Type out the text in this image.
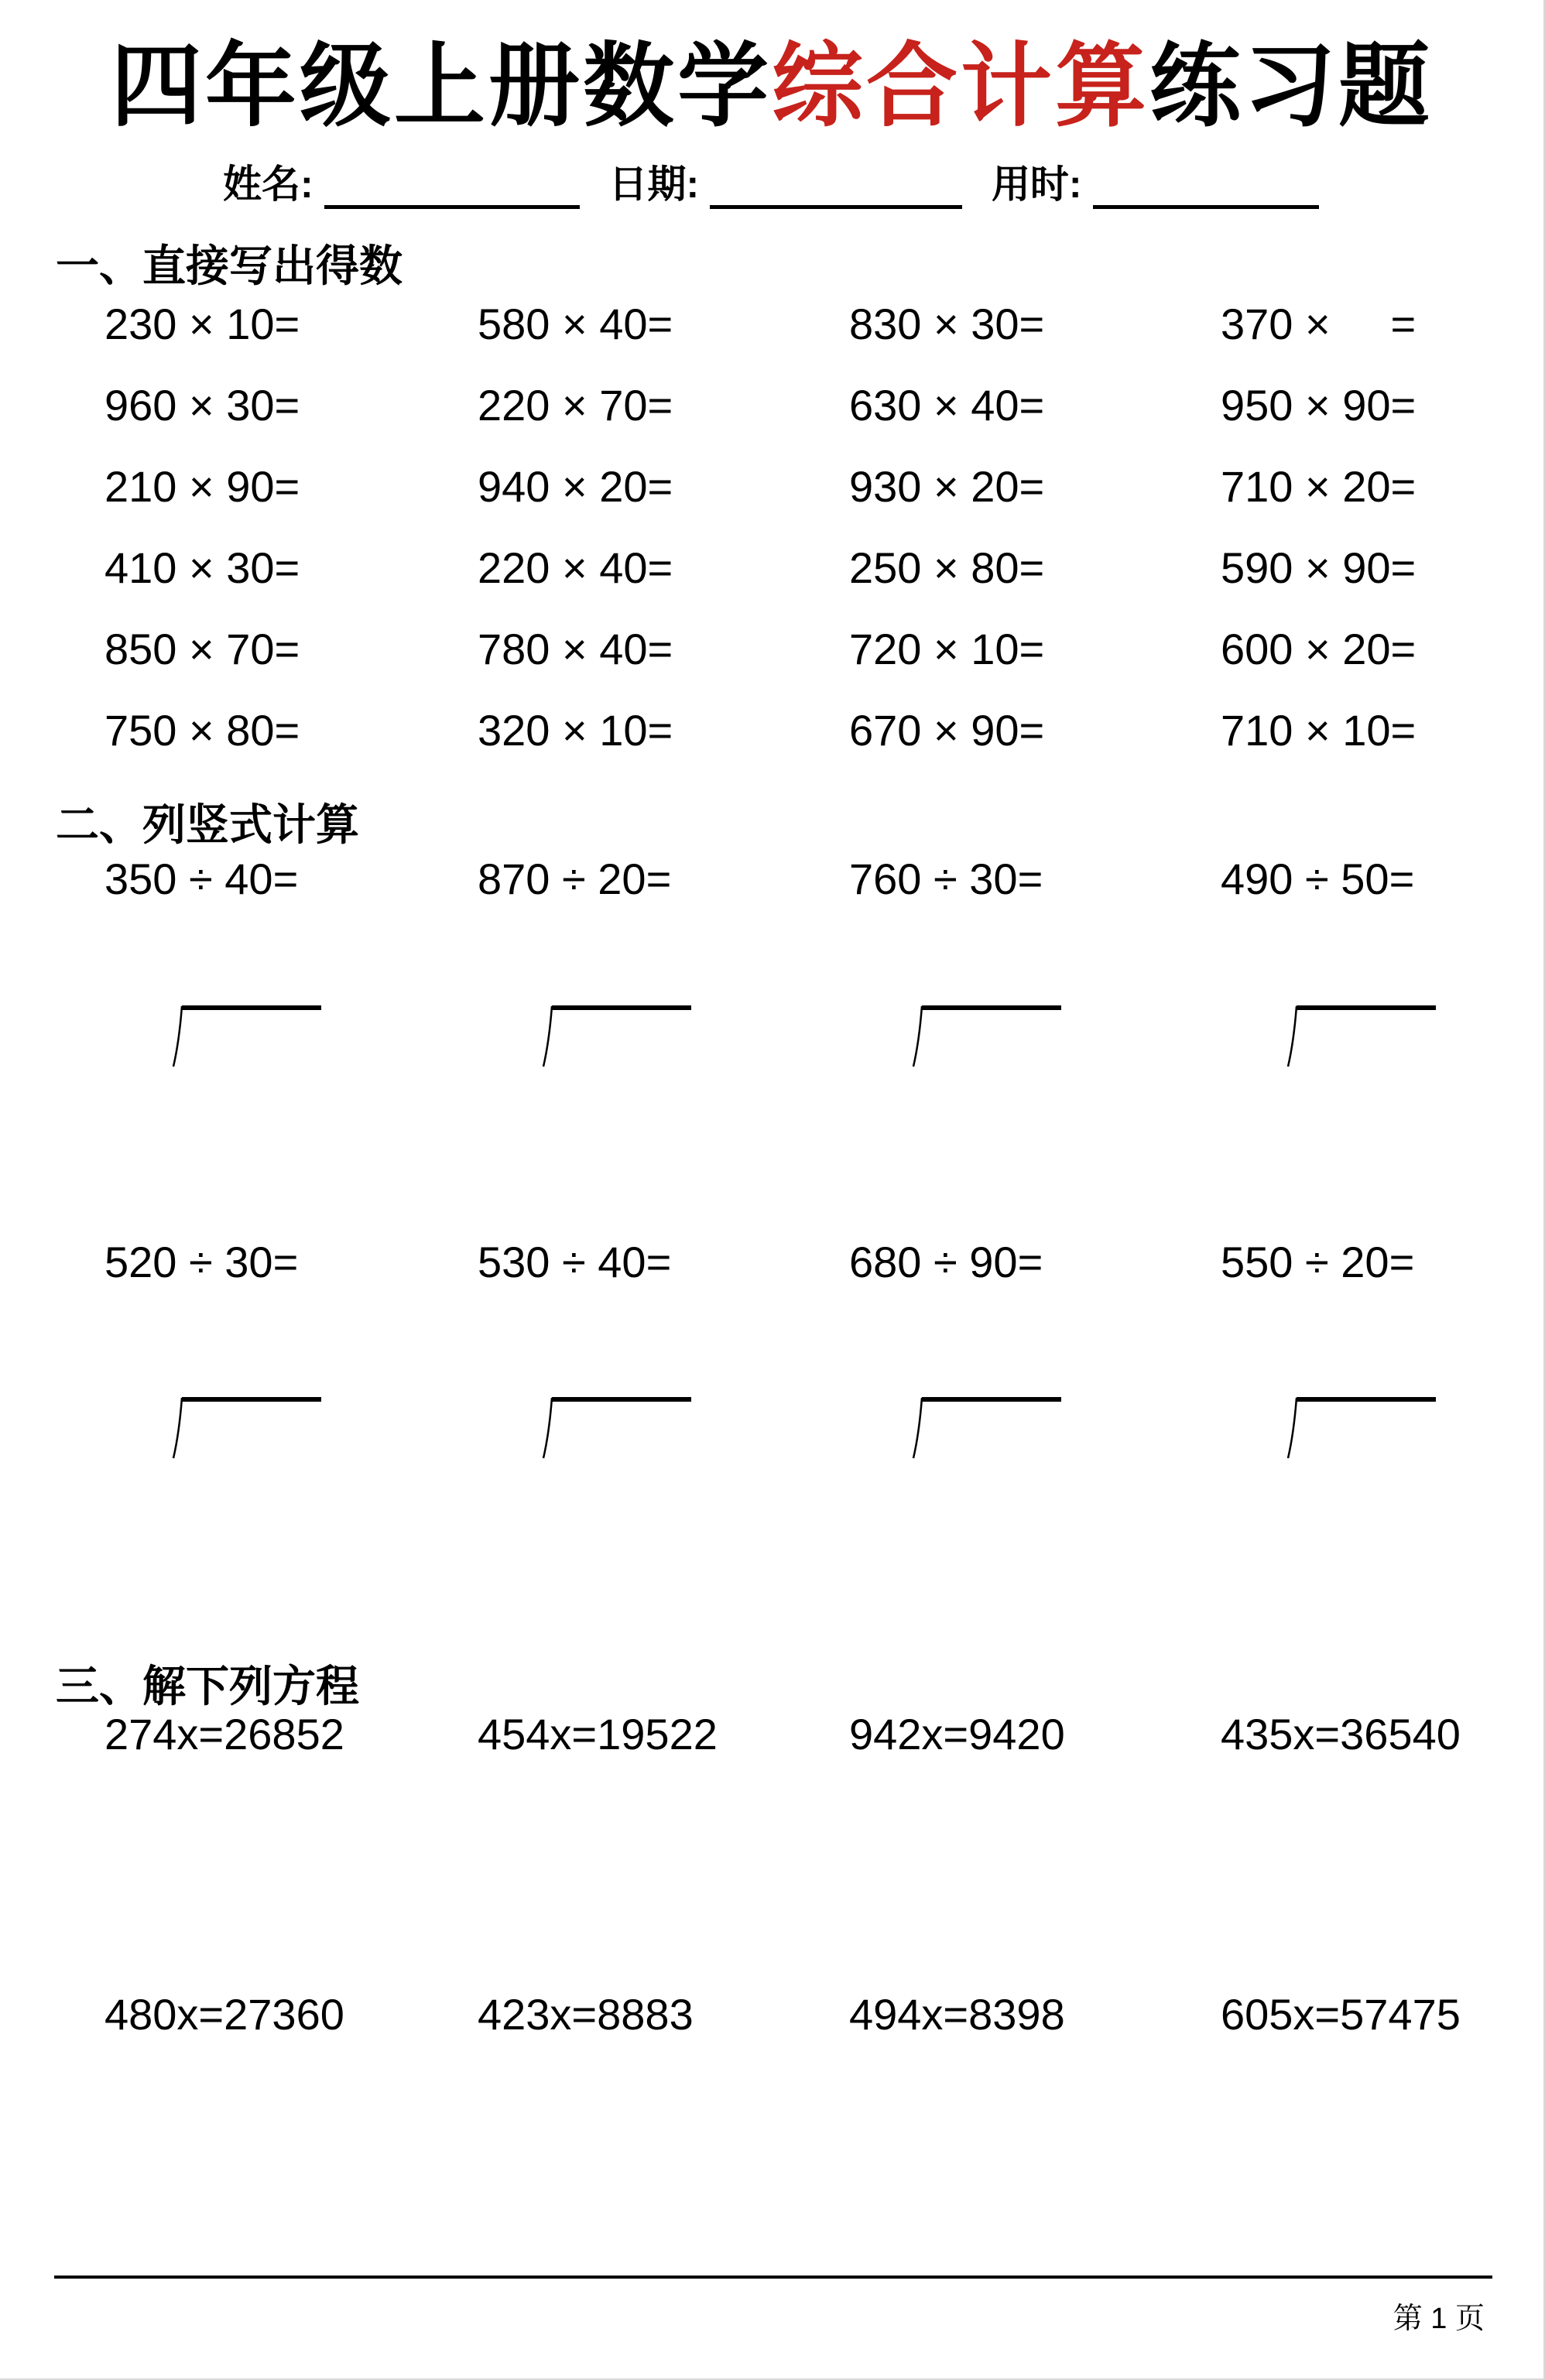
四年级上册数学综合计算练习题
姓名:	日期:	用时:
一、直接写出得数
230 × 10=	580 × 40=	830 × 30=	370 ×     =
960 × 30=	220 × 70=	630 × 40=	950 × 90=
210 × 90=	940 × 20=	930 × 20=	710 × 20=
410 × 30=	220 × 40=	250 × 80=	590 × 90=
850 × 70=	780 × 40=	720 × 10=	600 × 20=
750 × 80=	320 × 10=	670 × 90=	710 × 10=
二、列竖式计算
350 ÷ 40=	870 ÷ 20=	760 ÷ 30=	490 ÷ 50=
520 ÷ 30=	530 ÷ 40=	680 ÷ 90=	550 ÷ 20=
三、解下列方程
274x=26852	454x=19522	942x=9420	435x=36540
480x=27360	423x=8883	494x=8398	605x=57475
第 1 页
